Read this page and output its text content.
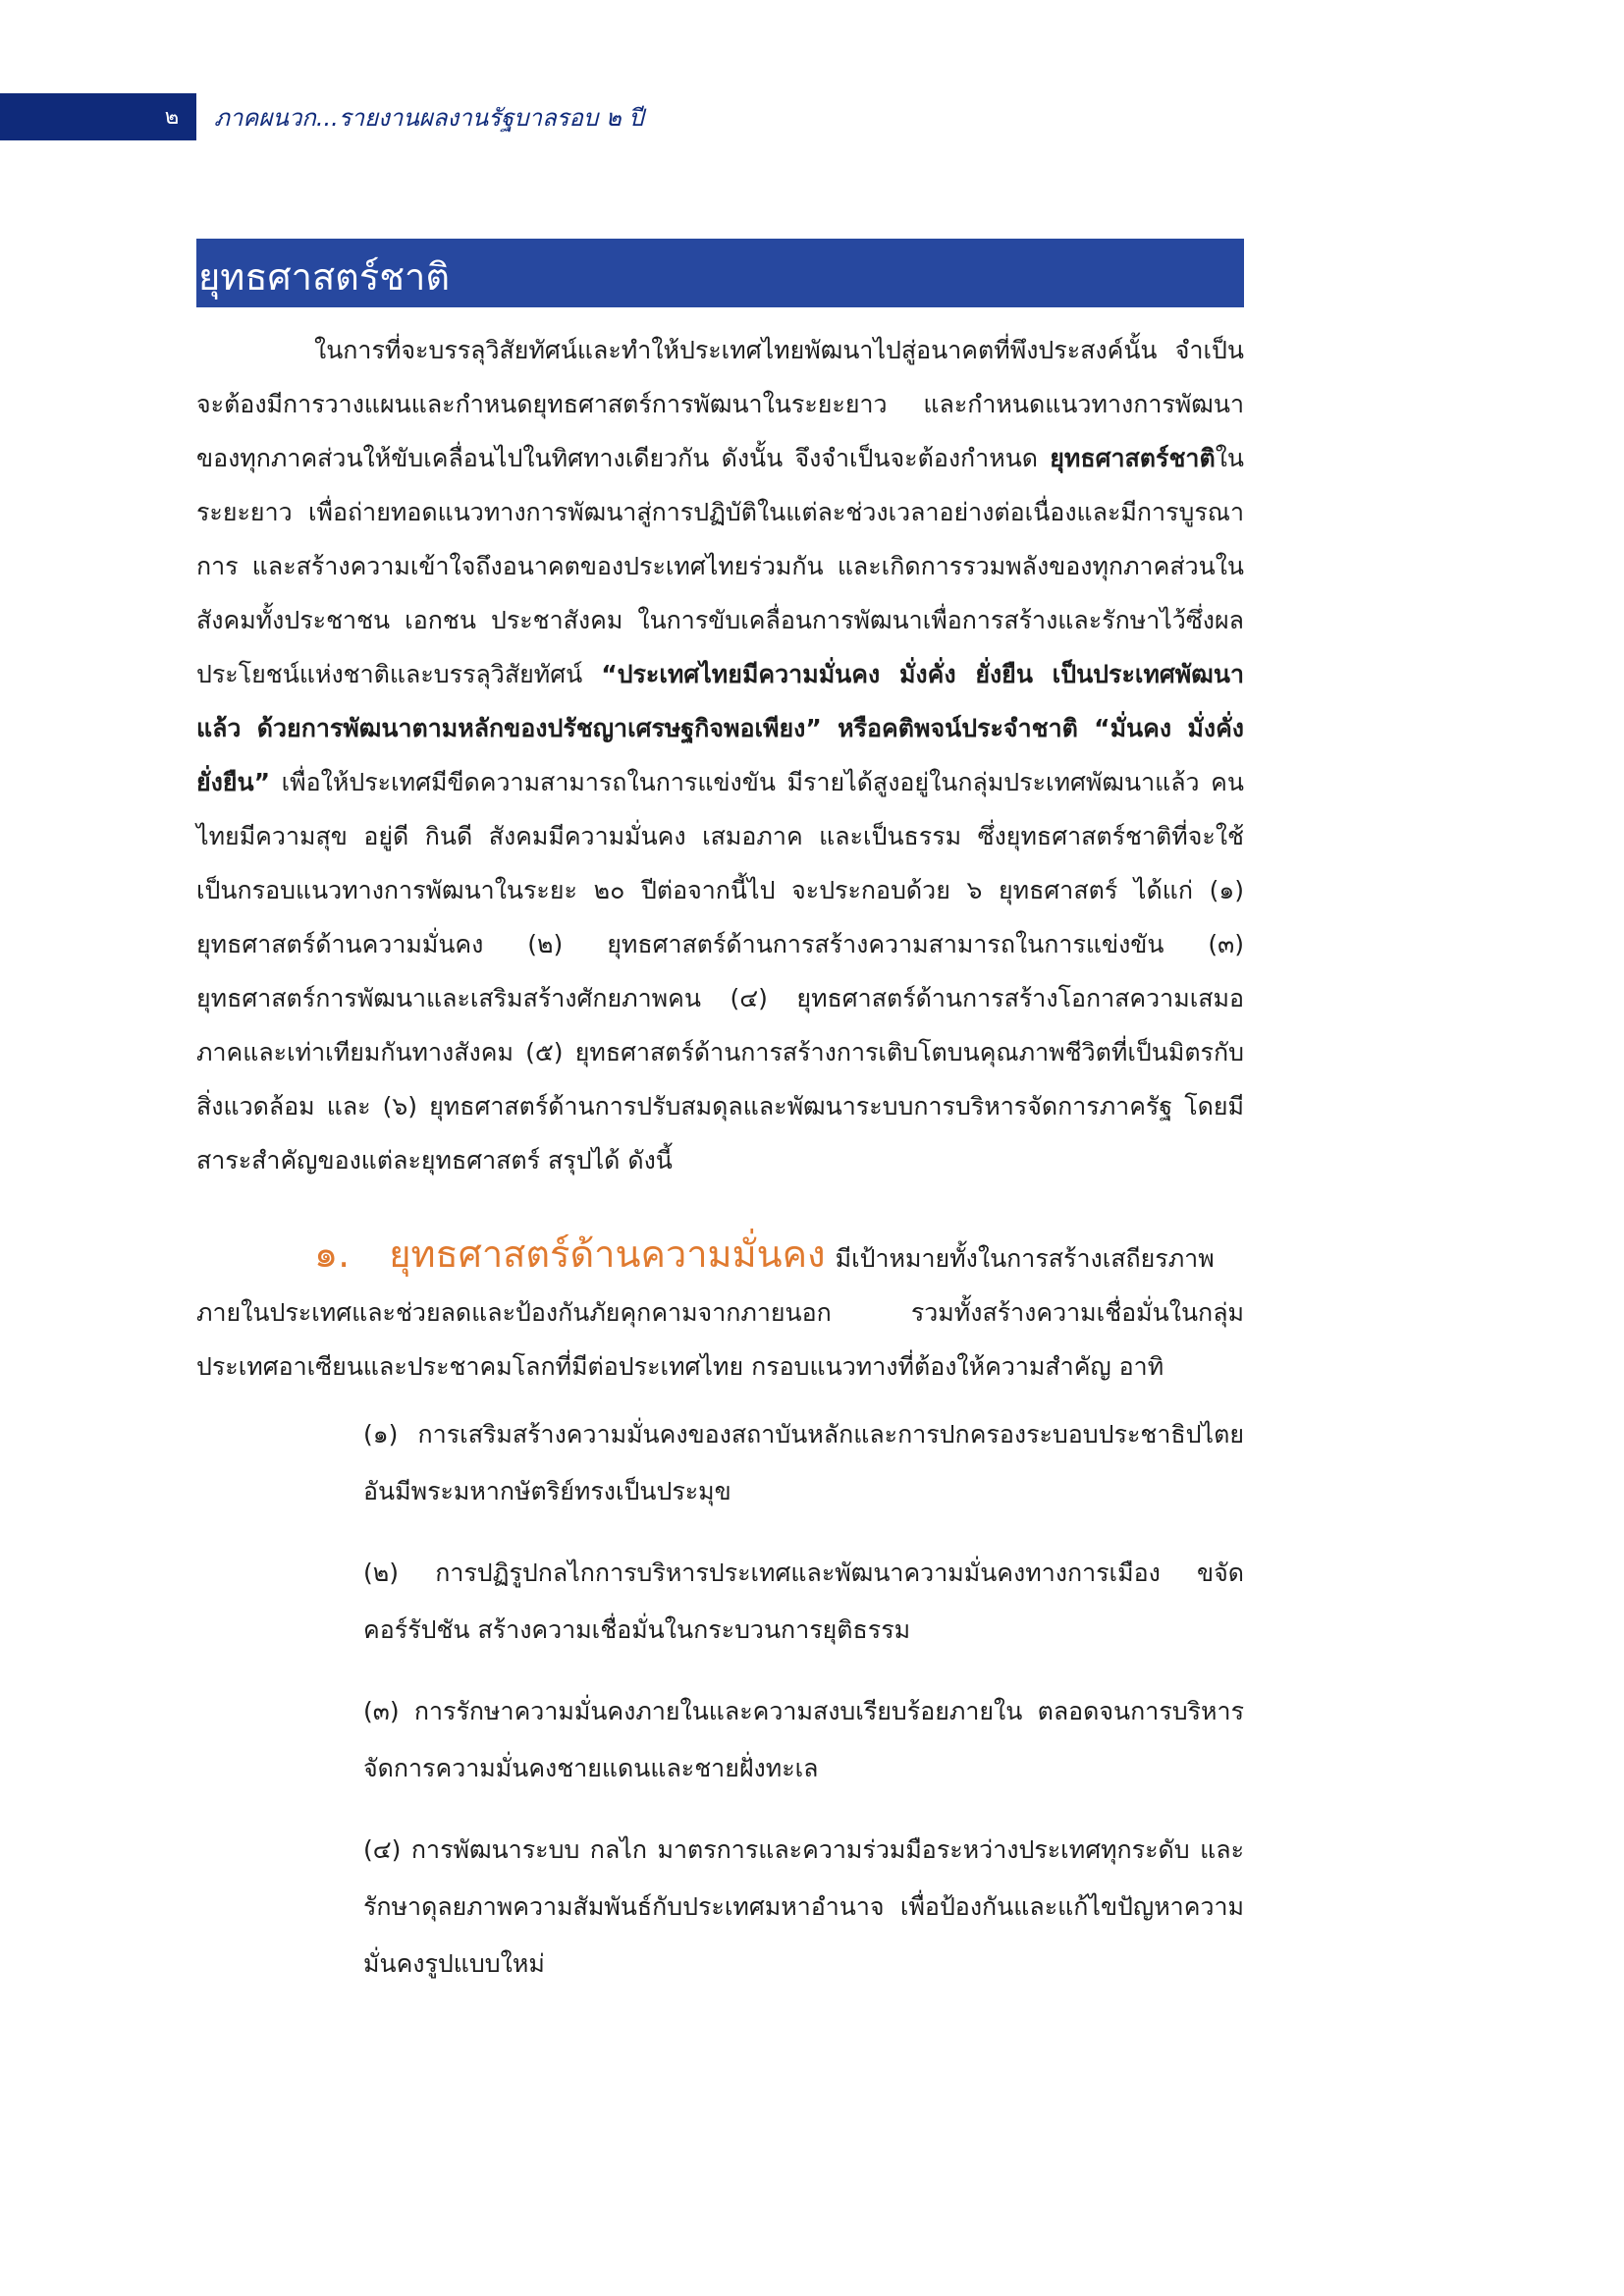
๒	ภาคผนวก...รายงานผลงานรัฐบาลรอบ ๒ ปี
ยุทธศาสตร์ชาติ

ในการที่จะบรรลุวิสัยทัศน์และทำให้ประเทศไทยพัฒนาไปสู่อนาคตที่พึงประสงค์นั้น จำเป็นจะต้องมีการวางแผนและกำหนดยุทธศาสตร์การพัฒนาในระยะยาว และกำหนดแนวทางการพัฒนาของทุกภาคส่วนให้ขับเคลื่อนไปในทิศทางเดียวกัน ดังนั้น จึงจำเป็นจะต้องกำหนด ยุทธศาสตร์ชาติในระยะยาว เพื่อถ่ายทอดแนวทางการพัฒนาสู่การปฏิบัติในแต่ละช่วงเวลาอย่างต่อเนื่องและมีการบูรณาการ และสร้างความเข้าใจถึงอนาคตของประเทศไทยร่วมกัน และเกิดการรวมพลังของทุกภาคส่วนในสังคมทั้งประชาชน เอกชน ประชาสังคม ในการขับเคลื่อนการพัฒนาเพื่อการสร้างและรักษาไว้ซึ่งผลประโยชน์แห่งชาติและบรรลุวิสัยทัศน์ “ประเทศไทยมีความมั่นคง มั่งคั่ง ยั่งยืน เป็นประเทศพัฒนาแล้ว ด้วยการพัฒนาตามหลักของปรัชญาเศรษฐกิจพอเพียง” หรือคติพจน์ประจำชาติ “มั่นคง มั่งคั่ง ยั่งยืน” เพื่อให้ประเทศมีขีดความสามารถในการแข่งขัน มีรายได้สูงอยู่ในกลุ่มประเทศพัฒนาแล้ว คนไทยมีความสุข อยู่ดี กินดี สังคมมีความมั่นคง เสมอภาค และเป็นธรรม ซึ่งยุทธศาสตร์ชาติที่จะใช้เป็นกรอบแนวทางการพัฒนาในระยะ ๒๐ ปีต่อจากนี้ไป จะประกอบด้วย ๖ ยุทธศาสตร์ ได้แก่ (๑) ยุทธศาสตร์ด้านความมั่นคง (๒) ยุทธศาสตร์ด้านการสร้างความสามารถในการแข่งขัน (๓) ยุทธศาสตร์การพัฒนาและเสริมสร้างศักยภาพคน (๔) ยุทธศาสตร์ด้านการสร้างโอกาสความเสมอภาคและเท่าเทียมกันทางสังคม (๕) ยุทธศาสตร์ด้านการสร้างการเติบโตบนคุณภาพชีวิตที่เป็นมิตรกับสิ่งแวดล้อม และ (๖) ยุทธศาสตร์ด้านการปรับสมดุลและพัฒนาระบบการบริหารจัดการภาครัฐ โดยมีสาระสำคัญของแต่ละยุทธศาสตร์ สรุปได้ ดังนี้

๑. ยุทธศาสตร์ด้านความมั่นคง มีเป้าหมายทั้งในการสร้างเสถียรภาพภายในประเทศและช่วยลดและป้องกันภัยคุกคามจากภายนอก รวมทั้งสร้างความเชื่อมั่นในกลุ่มประเทศอาเซียนและประชาคมโลกที่มีต่อประเทศไทย กรอบแนวทางที่ต้องให้ความสำคัญ อาทิ
(๑) การเสริมสร้างความมั่นคงของสถาบันหลักและการปกครองระบอบประชาธิปไตยอันมีพระมหากษัตริย์ทรงเป็นประมุข
(๒) การปฏิรูปกลไกการบริหารประเทศและพัฒนาความมั่นคงทางการเมือง ขจัดคอร์รัปชัน สร้างความเชื่อมั่นในกระบวนการยุติธรรม
(๓) การรักษาความมั่นคงภายในและความสงบเรียบร้อยภายใน ตลอดจนการบริหารจัดการความมั่นคงชายแดนและชายฝั่งทะเล
(๔) การพัฒนาระบบ กลไก มาตรการและความร่วมมือระหว่างประเทศทุกระดับ และรักษาดุลยภาพความสัมพันธ์กับประเทศมหาอำนาจ เพื่อป้องกันและแก้ไขปัญหาความมั่นคงรูปแบบใหม่
